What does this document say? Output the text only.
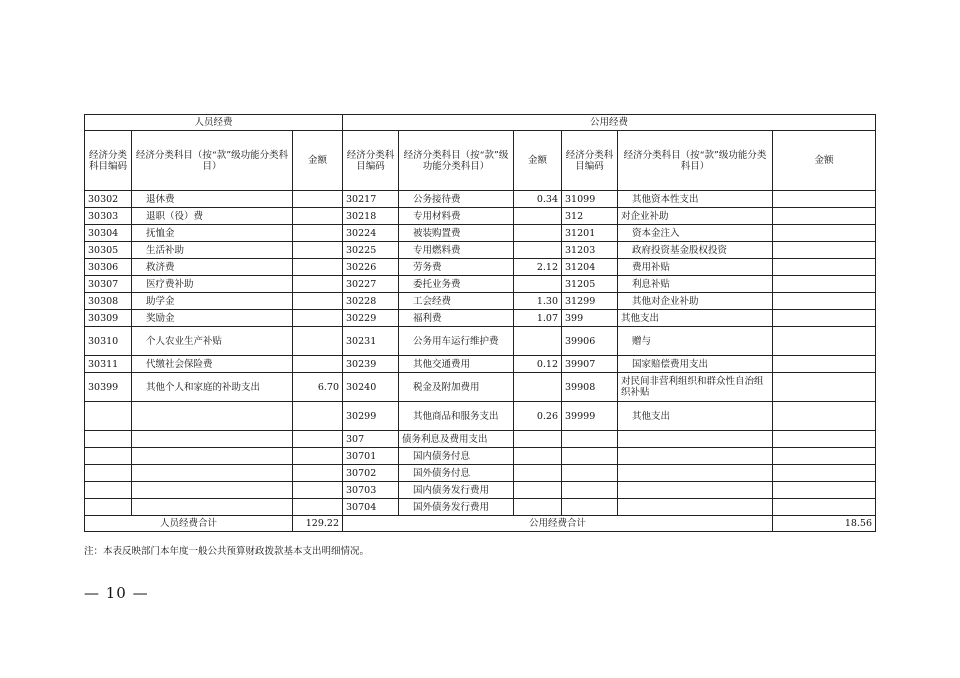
人员经费			公用经费					
经济分类科目编码	经济分类科目（按“款”级功能分类科目）	金额	经济分类科目编码	经济分类科目（按“款”级功能分类科目）	金额	经济分类科目编码	经济分类科目（按“款”级功能分类科目）	金额
30302	退休费		30217	公务接待费	0.34	31099	其他资本性支出	
30303	退职（役）费		30218	专用材料费		312	对企业补助	
30304	抚恤金		30224	被装购置费		31201	资本金注入	
30305	生活补助		30225	专用燃料费		31203	政府投资基金股权投资	
30306	救济费		30226	劳务费	2.12	31204	费用补贴	
30307	医疗费补助		30227	委托业务费		31205	利息补贴	
30308	助学金		30228	工会经费	1.30	31299	其他对企业补助	
30309	奖励金		30229	福利费	1.07	399	其他支出	
30310	个人农业生产补贴		30231	公务用车运行维护费		39906	赠与	
30311	代缴社会保险费		30239	其他交通费用	0.12	39907	国家赔偿费用支出	
30399	其他个人和家庭的补助支出	6.70	30240	税金及附加费用		39908	对民间非营利组织和群众性自治组织补贴	
			30299	其他商品和服务支出	0.26	39999	其他支出	
			307	债务利息及费用支出				
			30701	国内债务付息				
			30702	国外债务付息				
			30703	国内债务发行费用				
			30704	国外债务发行费用				
人员经费合计		129.22	公用经费合计					18.56
注：本表反映部门本年度一般公共预算财政拨款基本支出明细情况。
— 10 —
